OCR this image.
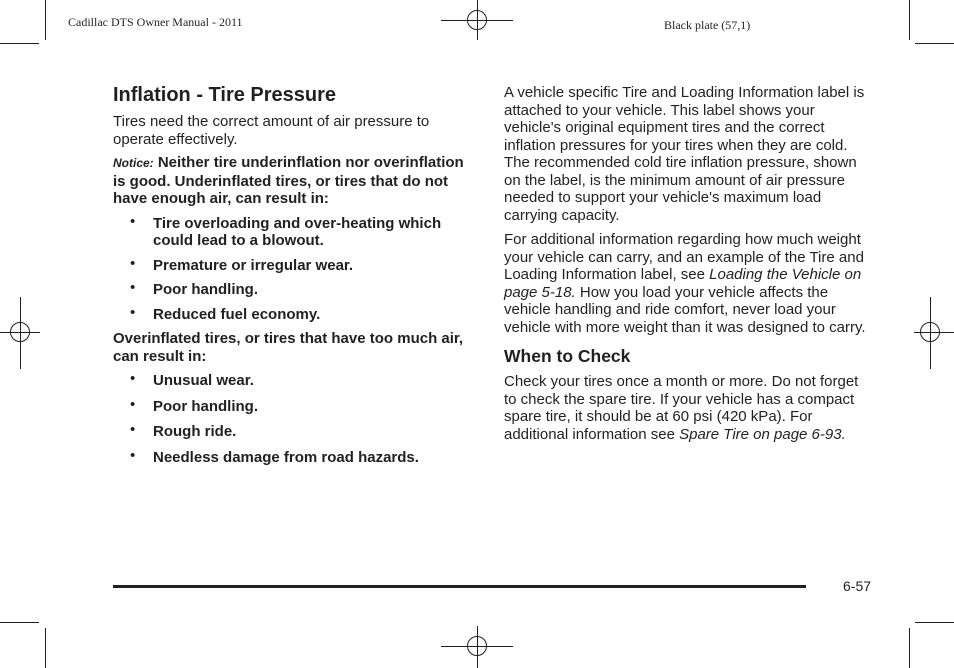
Cadillac DTS Owner Manual - 2011	Black plate (57,1)
Inflation - Tire Pressure

Tires need the correct amount of air pressure to operate effectively.

Notice: Neither tire underinflation nor overinflation is good. Underinflated tires, or tires that do not have enough air, can result in:

• Tire overloading and over-heating which could lead to a blowout.
• Premature or irregular wear.
• Poor handling.
• Reduced fuel economy.

Overinflated tires, or tires that have too much air, can result in:

• Unusual wear.
• Poor handling.
• Rough ride.
• Needless damage from road hazards.

A vehicle specific Tire and Loading Information label is attached to your vehicle. This label shows your vehicle's original equipment tires and the correct inflation pressures for your tires when they are cold. The recommended cold tire inflation pressure, shown on the label, is the minimum amount of air pressure needed to support your vehicle's maximum load carrying capacity.

For additional information regarding how much weight your vehicle can carry, and an example of the Tire and Loading Information label, see Loading the Vehicle on page 5-18. How you load your vehicle affects the vehicle handling and ride comfort, never load your vehicle with more weight than it was designed to carry.

When to Check

Check your tires once a month or more. Do not forget to check the spare tire. If your vehicle has a compact spare tire, it should be at 60 psi (420 kPa). For additional information see Spare Tire on page 6-93.

6-57
